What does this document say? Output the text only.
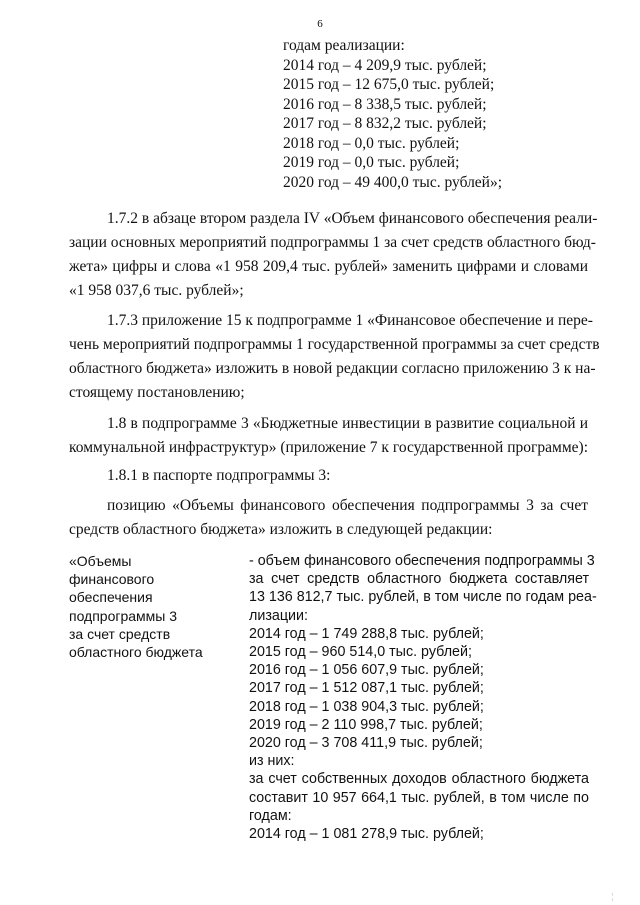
6
годам реализации:
2014 год – 4 209,9 тыс. рублей;
2015 год – 12 675,0 тыс. рублей;
2016 год – 8 338,5 тыс. рублей;
2017 год – 8 832,2 тыс. рублей;
2018 год – 0,0 тыс. рублей;
2019 год – 0,0 тыс. рублей;
2020 год – 49 400,0 тыс. рублей»;
1.7.2 в абзаце втором раздела IV «Объем финансового обеспечения реали-
зации основных мероприятий подпрограммы 1 за счет средств областного бюд-
жета» цифры и слова «1 958 209,4 тыс. рублей» заменить цифрами и словами
«1 958 037,6 тыс. рублей»;
1.7.3 приложение 15 к подпрограмме 1 «Финансовое обеспечение и пере-
чень мероприятий подпрограммы 1 государственной программы за счет средств
областного бюджета» изложить в новой редакции согласно приложению 3 к на-
стоящему постановлению;
1.8 в подпрограмме 3 «Бюджетные инвестиции в развитие социальной и
коммунальной инфраструктур» (приложение 7 к государственной программе):
1.8.1 в паспорте подпрограммы 3:
позицию «Объемы финансового обеспечения подпрограммы 3 за счет
средств областного бюджета» изложить в следующей редакции:
«Объемы
финансового
обеспечения
подпрограммы 3
за счет средств
областного бюджета
- объем финансового обеспечения подпрограммы 3
за счет средств областного бюджета составляет
13 136 812,7 тыс. рублей, в том числе по годам реа-
лизации:
2014 год – 1 749 288,8 тыс. рублей;
2015 год – 960 514,0 тыс. рублей;
2016 год – 1 056 607,9 тыс. рублей;
2017 год – 1 512 087,1 тыс. рублей;
2018 год – 1 038 904,3 тыс. рублей;
2019 год – 2 110 998,7 тыс. рублей;
2020 год – 3 708 411,9 тыс. рублей;
из них:
за счет собственных доходов областного бюджета
составит 10 957 664,1 тыс. рублей, в том числе по
годам:
2014 год – 1 081 278,9 тыс. рублей;
¦
